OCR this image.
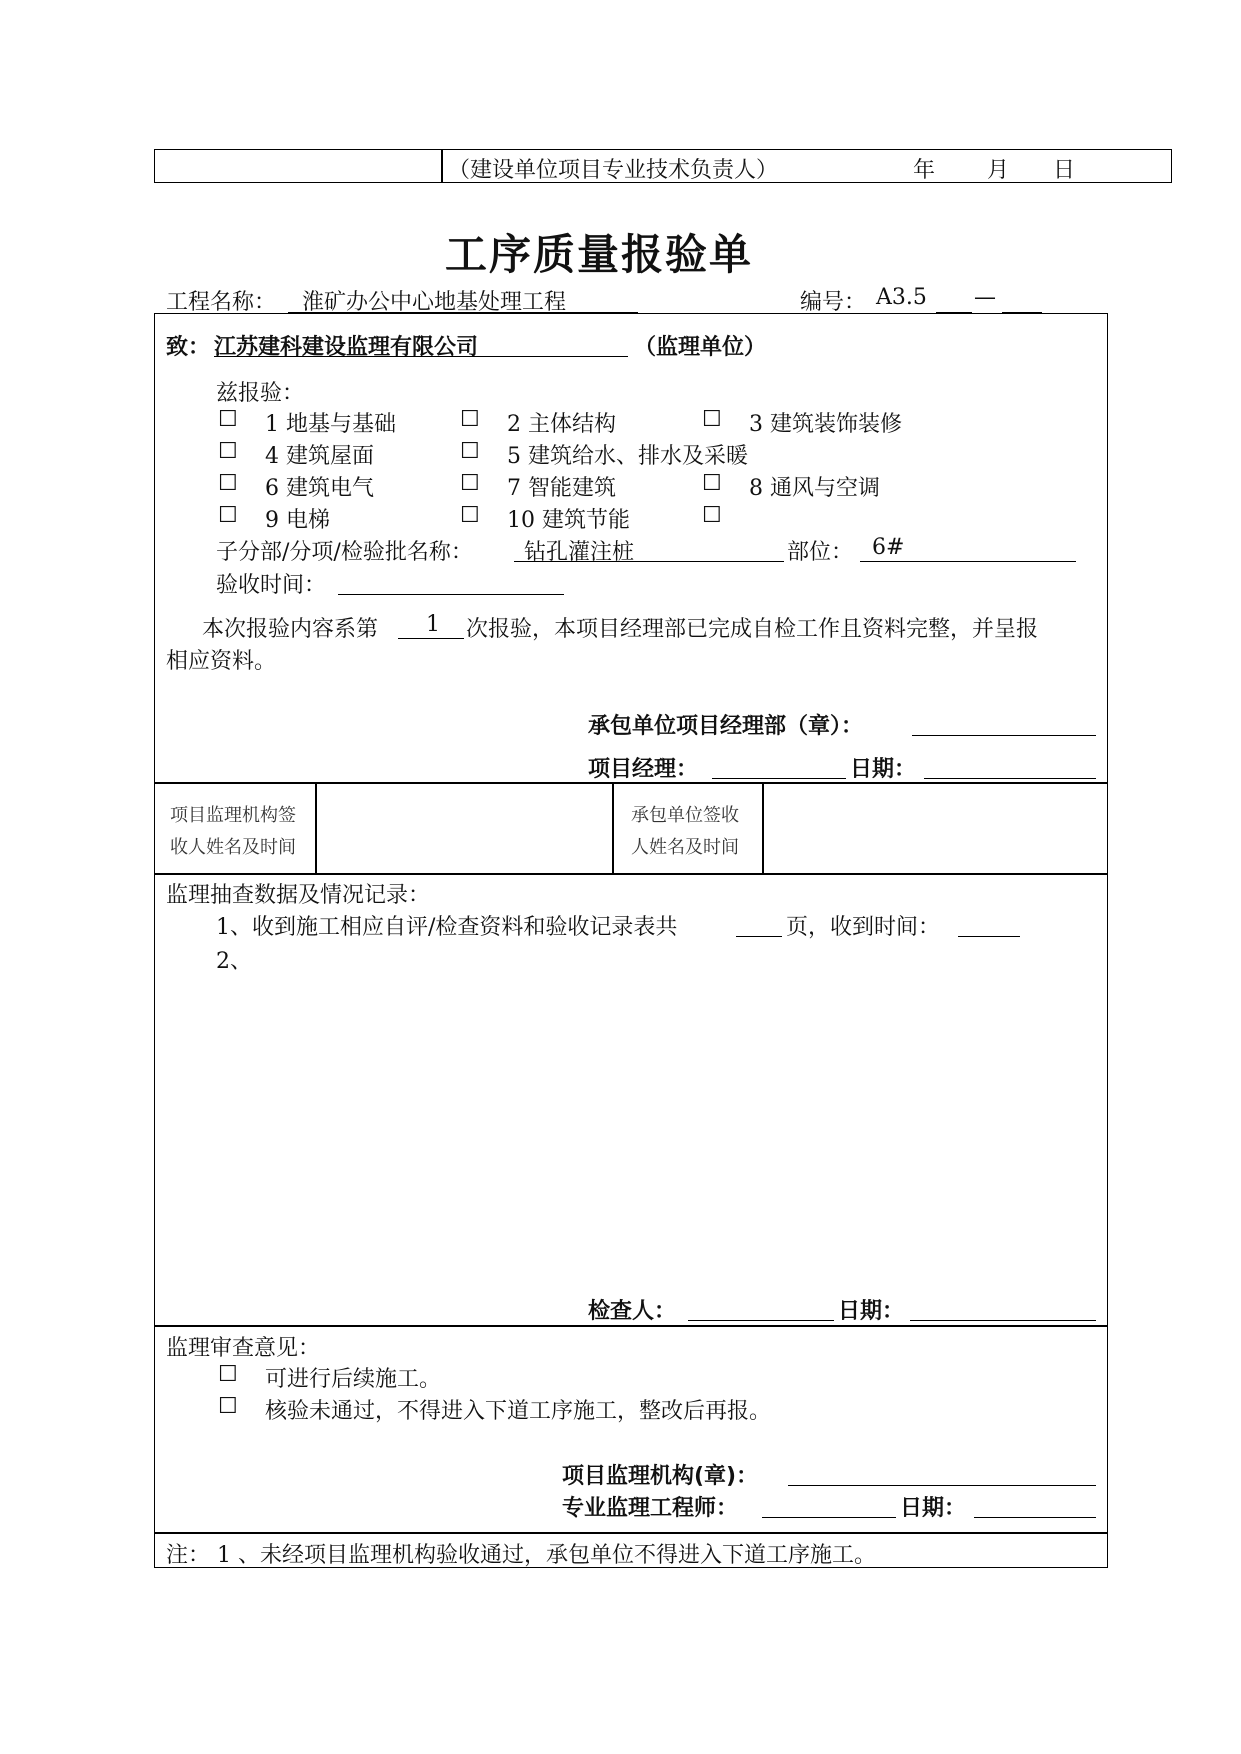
（建设单位项目专业技术负责人）	年 月 日
工序质量报验单
工程名称： 淮矿办公中心地基处理工程	编号： A3.5 —
致： 江苏建科建设监理有限公司	（监理单位）
兹报验：
☐ 1 地基与基础	☐ 2 主体结构	☐ 3 建筑装饰装修
☐ 4 建筑屋面	☐ 5 建筑给水、排水及采暖
☐ 6 建筑电气	☐ 7 智能建筑	☐ 8 通风与空调
☐ 9 电梯	☐ 10 建筑节能	☐
子分部/分项/检验批名称： 钻孔灌注桩	部位： 6#
验收时间：
本次报验内容系第 1 次报验，本项目经理部已完成自检工作且资料完整，并呈报
相应资料。
承包单位项目经理部（章）：
项目经理：	日期：
项目监理机构签
收人姓名及时间
承包单位签收
人姓名及时间
监理抽查数据及情况记录：
1、收到施工相应自评/检查资料和验收记录表共	页，收到时间：
2、
检查人：	日期：
监理审查意见：
☐ 可进行后续施工。
☐ 核验未通过，不得进入下道工序施工，整改后再报。
项目监理机构(章)：
专业监理工程师：	日期：
注： 1 、未经项目监理机构验收通过，承包单位不得进入下道工序施工。
